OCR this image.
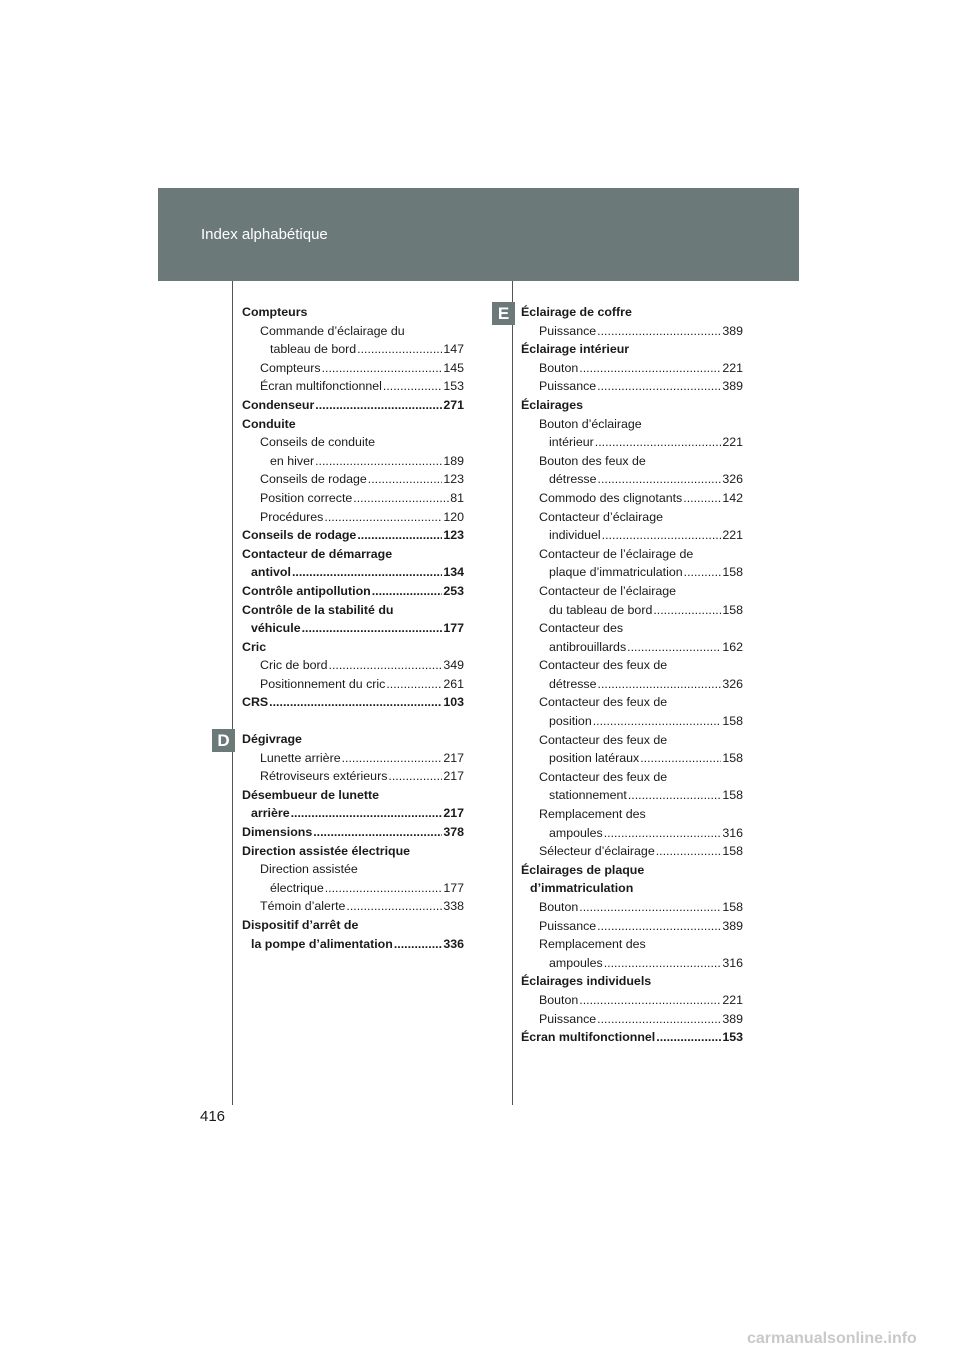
Index alphabétique
D
E
Compteurs
Commande d’éclairage du
tableau de bord .....	147
Compteurs .....	145
Écran multifonctionnel .....	153
Condenseur .....	271
Conduite
Conseils de conduite
en hiver .....	189
Conseils de rodage .....	123
Position correcte .....	81
Procédures .....	120
Conseils de rodage .....	123
Contacteur de démarrage
antivol .....	134
Contrôle antipollution .....	253
Contrôle de la stabilité du
véhicule .....	177
Cric
Cric de bord .....	349
Positionnement du cric .....	261
CRS .....	103
Dégivrage
Lunette arrière .....	217
Rétroviseurs extérieurs .....	217
Désembueur de lunette
arrière .....	217
Dimensions .....	378
Direction assistée électrique
Direction assistée
électrique .....	177
Témoin d’alerte .....	338
Dispositif d’arrêt de
la pompe d’alimentation .....	336
Éclairage de coffre
Puissance .....	389
Éclairage intérieur
Bouton .....	221
Puissance .....	389
Éclairages
Bouton d’éclairage
intérieur .....	221
Bouton des feux de
détresse .....	326
Commodo des clignotants .....	142
Contacteur d’éclairage
individuel .....	221
Contacteur de l’éclairage de
plaque d’immatriculation .....	158
Contacteur de l’éclairage
du tableau de bord .....	158
Contacteur des
antibrouillards .....	162
Contacteur des feux de
détresse .....	326
Contacteur des feux de
position .....	158
Contacteur des feux de
position latéraux .....	158
Contacteur des feux de
stationnement .....	158
Remplacement des
ampoules .....	316
Sélecteur d’éclairage .....	158
Éclairages de plaque
d’immatriculation
Bouton .....	158
Puissance .....	389
Remplacement des
ampoules .....	316
Éclairages individuels
Bouton .....	221
Puissance .....	389
Écran multifonctionnel .....	153
416
carmanualsonline.info
